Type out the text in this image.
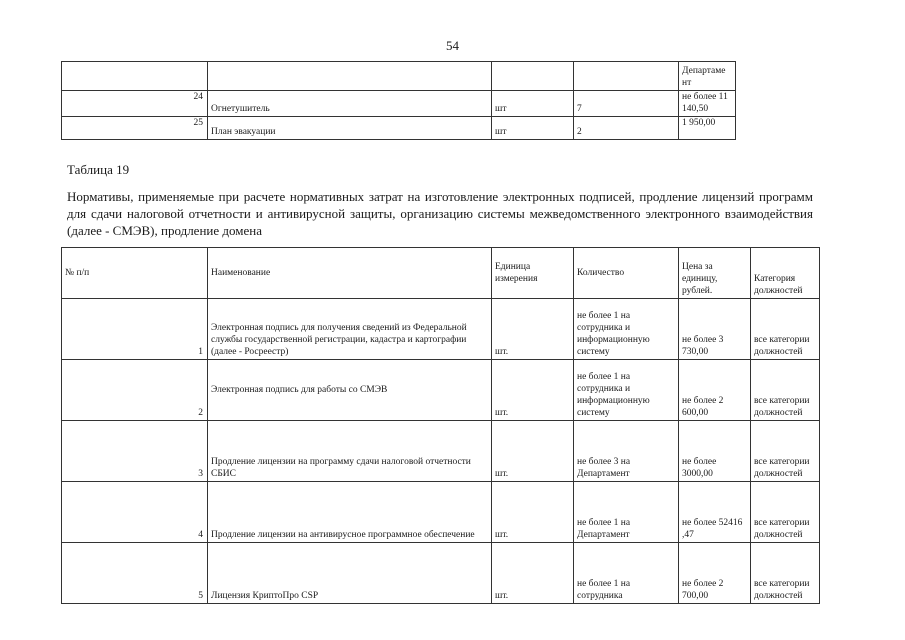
54
				Департаме нт
24	Огнетушитель	шт	7	не более 11 140,50
25	План эвакуации	шт	2	1 950,00
Таблица 19
Нормативы, применяемые при расчете нормативных затрат на изготовление электронных подписей, продление лицензий программ для сдачи налоговой отчетности и антивирусной защиты, организацию системы межведомственного электронного взаимодействия (далее - СМЭВ), продление домена
№ п/п	Наименование	Единица измерения	Количество	Цена за единицу, рублей.	Категория должностей
1	Электронная подпись для получения сведений из Федеральной службы государственной регистрации, кадастра и картографии (далее - Росреестр)	шт.	не более 1 на сотрудника и информационную систему	не более 3 730,00	все категории должностей
2	Электронная подпись для работы со СМЭВ	шт.	не более 1 на сотрудника и информационную систему	не более 2 600,00	все категории должностей
3	Продление лицензии на программу сдачи налоговой отчетности СБИС	шт.	не более 3 на Департамент	не более 3000,00	все категории должностей
4	Продление лицензии на антивирусное программное обеспечение	шт.	не более 1 на Департамент	не более 52416 ,47	все категории должностей
5	Лицензия КриптоПро CSP	шт.	не более 1 на сотрудника	не более 2 700,00	все категории должностей
